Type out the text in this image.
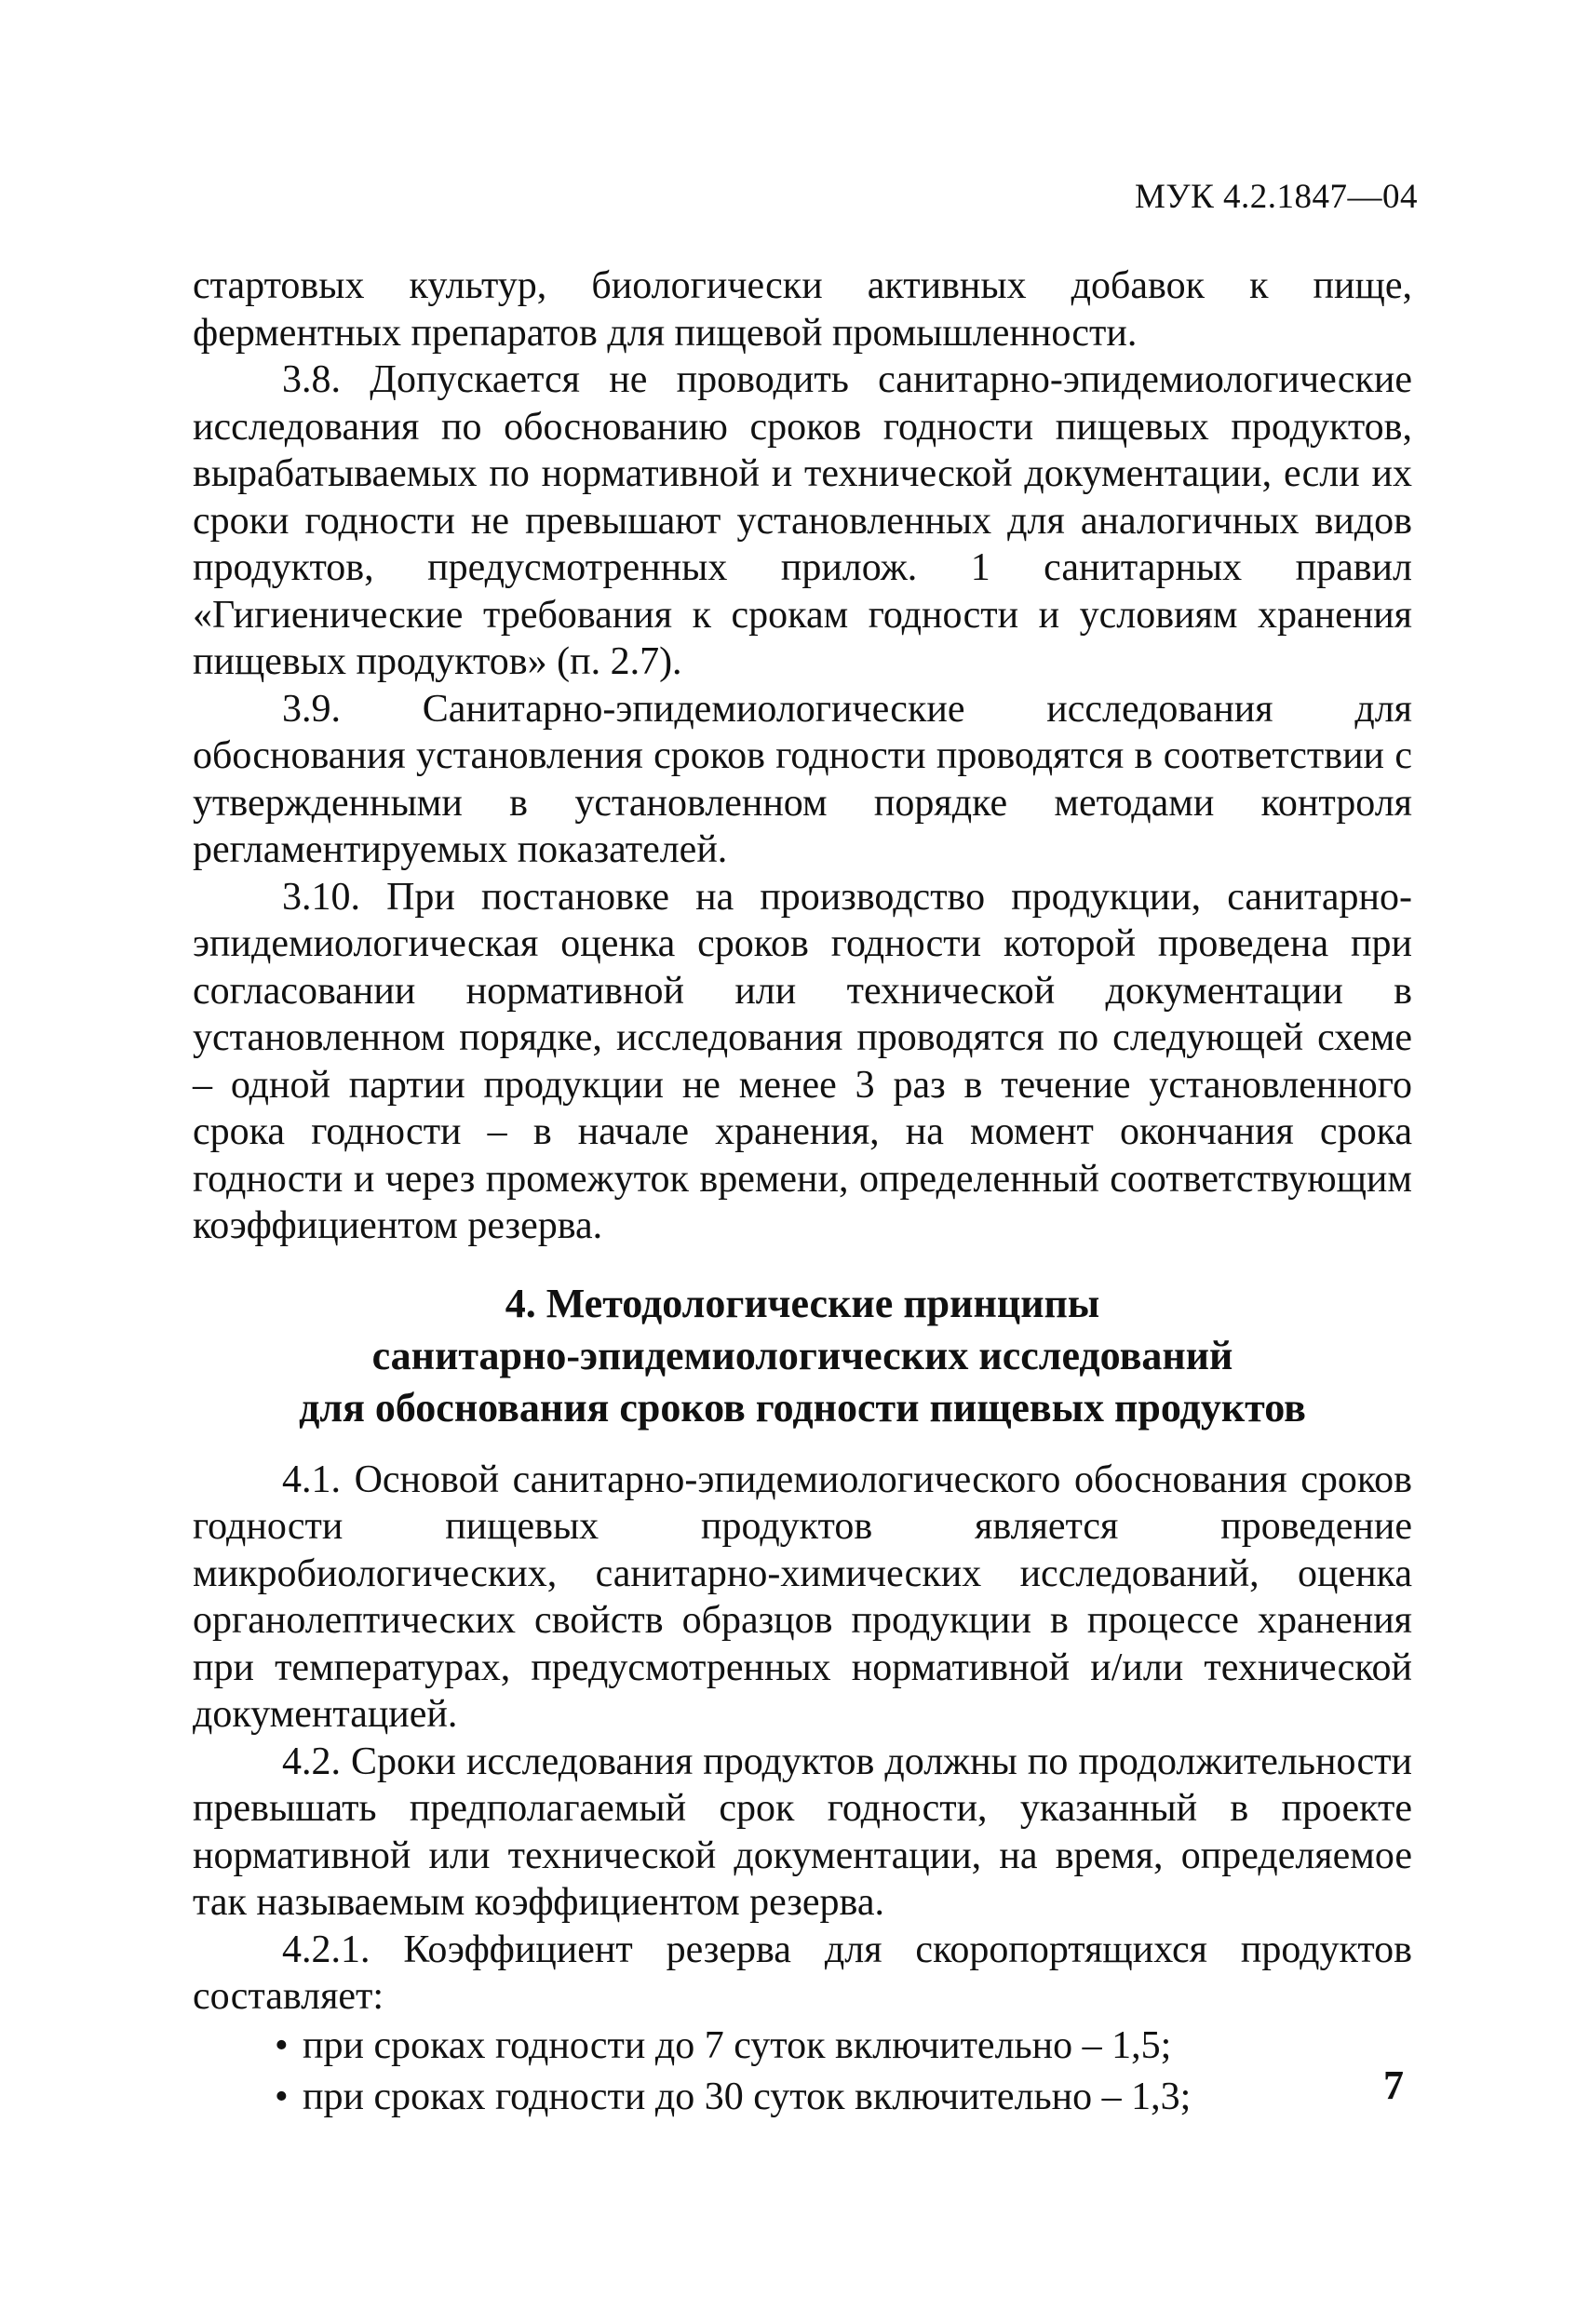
МУК 4.2.1847—04

стартовых культур, биологически активных добавок к пище, ферментных препаратов для пищевой промышленности.

3.8. Допускается не проводить санитарно-эпидемиологические исследования по обоснованию сроков годности пищевых продуктов, вырабатываемых по нормативной и технической документации, если их сроки годности не превышают установленных для аналогичных видов продуктов, предусмотренных прилож. 1 санитарных правил «Гигиенические требования к срокам годности и условиям хранения пищевых продуктов» (п. 2.7).

3.9. Санитарно-эпидемиологические исследования для обоснования установления сроков годности проводятся в соответствии с утвержденными в установленном порядке методами контроля регламентируемых показателей.

3.10. При постановке на производство продукции, санитарно-эпидемиологическая оценка сроков годности которой проведена при согласовании нормативной или технической документации в установленном порядке, исследования проводятся по следующей схеме – одной партии продукции не менее 3 раз в течение установленного срока годности – в начале хранения, на момент окончания срока годности и через промежуток времени, определенный соответствующим коэффициентом резерва.

4. Методологические принципы
санитарно-эпидемиологических исследований
для обоснования сроков годности пищевых продуктов

4.1. Основой санитарно-эпидемиологического обоснования сроков годности пищевых продуктов является проведение микробиологических, санитарно-химических исследований, оценка органолептических свойств образцов продукции в процессе хранения при температурах, предусмотренных нормативной и/или технической документацией.

4.2. Сроки исследования продуктов должны по продолжительности превышать предполагаемый срок годности, указанный в проекте нормативной или технической документации, на время, определяемое так называемым коэффициентом резерва.

4.2.1. Коэффициент резерва для скоропортящихся продуктов составляет:

• при сроках годности до 7 суток включительно – 1,5;
• при сроках годности до 30 суток включительно – 1,3;	7
